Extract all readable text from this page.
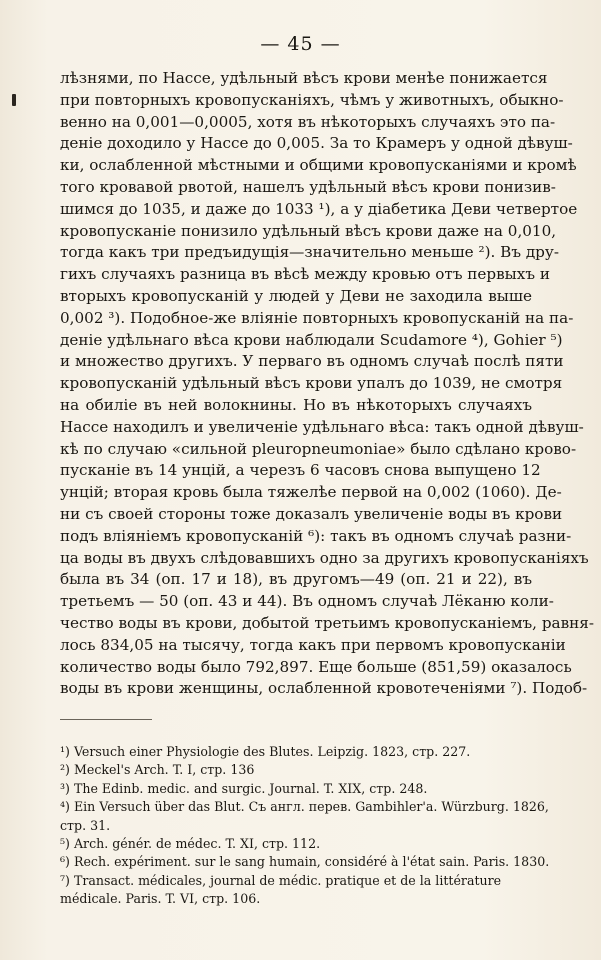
— 45 —
лѣзнями, по Нассе, удѣльный вѣсъ крови менѣе понижается
при повторныхъ кровопусканіяхъ, чѣмъ у животныхъ, обыкно-
венно на 0,001—0,0005, хотя въ нѣкоторыхъ случаяхъ это па-
деніе доходило у Нассе до 0,005. За то Крамеръ у одной дѣвуш-
ки, ослабленной мѣстными и общими кровопусканіями и кромѣ
того кровавой рвотой, нашелъ удѣльный вѣсъ крови понизив-
шимся до 1035, и даже до 1033 ¹), а у діабетика Деви четвертое
кровопусканіе понизило удѣльный вѣсъ крови даже на 0,010,
тогда какъ три предъидущія—значительно меньше ²). Въ дру-
гихъ случаяхъ разница въ вѣсѣ между кровью отъ первыхъ и
вторыхъ кровопусканій у людей у Деви не заходила выше
0,002 ³). Подобное-же вліяніе повторныхъ кровопусканій на па-
деніе удѣльнаго вѣса крови наблюдали Scudamore ⁴), Gohier ⁵)
и множество другихъ. У перваго въ одномъ случаѣ послѣ пяти
кровопусканій удѣльный вѣсъ крови упалъ до 1039, не смотря
на обиліе въ ней волокнины. Но въ нѣкоторыхъ случаяхъ
Нассе находилъ и увеличеніе удѣльнаго вѣса: такъ одной дѣвуш-
кѣ по случаю «сильной pleuropneumoniae» было сдѣлано крово-
пусканіе въ 14 унцій, а черезъ 6 часовъ снова выпущено 12
унцій; вторая кровь была тяжелѣе первой на 0,002 (1060). Де-
ни съ своей стороны тоже доказалъ увеличеніе воды въ крови
подъ вліяніемъ кровопусканій ⁶): такъ въ одномъ случаѣ разни-
ца воды въ двухъ слѣдовавшихъ одно за другихъ кровопусканіяхъ
была въ 34 (оп. 17 и 18), въ другомъ—49 (оп. 21 и 22), въ
третьемъ — 50 (оп. 43 и 44). Въ одномъ случаѣ Лёканю коли-
чество воды въ крови, добытой третьимъ кровопусканіемъ, равня-
лось 834,05 на тысячу, тогда какъ при первомъ кровопусканіи
количество воды было 792,897. Еще больше (851,59) оказалось
воды въ крови женщины, ослабленной кровотеченіями ⁷). Подоб-
¹) Versuch einer Physiologie des Blutes. Leipzig. 1823, стр. 227.
²) Meckel's Arch. T. I, стр. 136
³) The Edinb. medic. and surgic. Journal. T. XIX, стр. 248.
⁴) Ein Versuch über das Blut. Съ англ. перев. Gambihler'a. Würzburg. 1826,
стр. 31.
⁵) Arch. génér. de médec. T. XI, стр. 112.
⁶) Rech. expériment. sur le sang humain, considéré à l'état sain. Paris. 1830.
⁷) Transact. médicales, journal de médic. pratique et de la littérature
médicale. Paris. T. VI, стр. 106.
